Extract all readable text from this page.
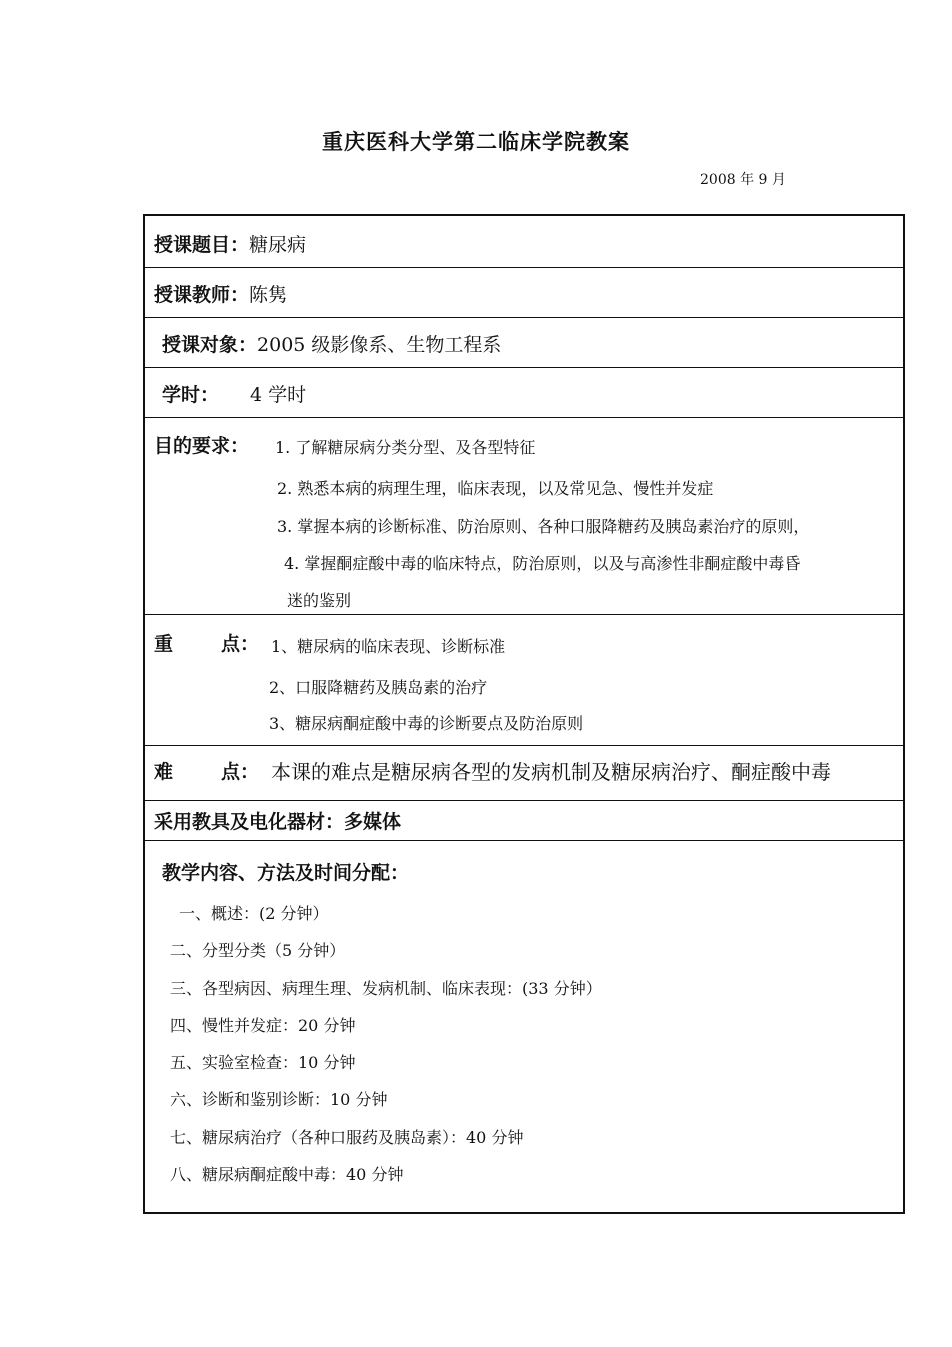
重庆医科大学第二临床学院教案
2008 年 9 月
授课题目：糖尿病
授课教师：陈隽
授课对象：2005 级影像系、生物工程系
学时： 4 学时
目的要求： 1. 了解糖尿病分类分型、及各型特征
2. 熟悉本病的病理生理，临床表现，以及常见急、慢性并发症
3. 掌握本病的诊断标准、防治原则、各种口服降糖药及胰岛素治疗的原则，
4. 掌握酮症酸中毒的临床特点，防治原则，以及与高渗性非酮症酸中毒昏
迷的鉴别
重	点： 1、糖尿病的临床表现、诊断标准
2、口服降糖药及胰岛素的治疗
3、糖尿病酮症酸中毒的诊断要点及防治原则
难	点： 本课的难点是糖尿病各型的发病机制及糖尿病治疗、酮症酸中毒
采用教具及电化器材：多媒体
教学内容、方法及时间分配：
一、概述：(2 分钟）
二、分型分类（5 分钟）
三、各型病因、病理生理、发病机制、临床表现：(33 分钟）
四、慢性并发症：20 分钟
五、实验室检查：10 分钟
六、诊断和鉴别诊断：10 分钟
七、糖尿病治疗（各种口服药及胰岛素）：40 分钟
八、糖尿病酮症酸中毒：40 分钟
